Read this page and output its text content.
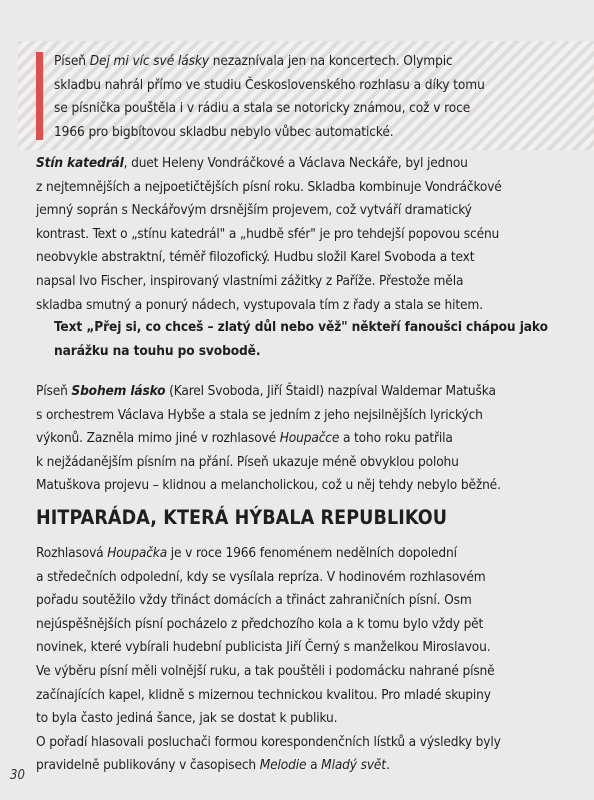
Píseň Dej mi víc své lásky nezaznívala jen na koncertech. Olympic
skladbu nahrál přímo ve studiu Československého rozhlasu a díky tomu
se písnička pouštěla i v rádiu a stala se notoricky známou, což v roce
1966 pro bigbítovou skladbu nebylo vůbec automatické.
Stín katedrál, duet Heleny Vondráčkové a Václava Neckáře, byl jednou
z nejtemnějších a nejpoetičtějších písní roku. Skladba kombinuje Vondráčkové
jemný soprán s Neckářovým drsnějším projevem, což vytváří dramatický
kontrast. Text o „stínu katedrál" a „hudbě sfér" je pro tehdejší popovou scénu
neobvykle abstraktní, téměř filozofický. Hudbu složil Karel Svoboda a text
napsal Ivo Fischer, inspirovaný vlastními zážitky z Paříže. Přestože měla
skladba smutný a ponurý nádech, vystupovala tím z řady a stala se hitem.
Text „Přej si, co chceš – zlatý důl nebo věž" někteří fanoušci chápou jako
narážku na touhu po svobodě.
Píseň Sbohem lásko (Karel Svoboda, Jiří Štaidl) nazpíval Waldemar Matuška
s orchestrem Václava Hybše a stala se jedním z jeho nejsilnějších lyrických
výkonů. Zazněla mimo jiné v rozhlasové Houpačce a toho roku patřila
k nejžádanějším písním na přání. Píseň ukazuje méně obvyklou polohu
Matuškova projevu – klidnou a melancholickou, což u něj tehdy nebylo běžné.
HITPARÁDA, KTERÁ HÝBALA REPUBLIKOU
Rozhlasová Houpačka je v roce 1966 fenoménem nedělních dopolední
a středečních odpolední, kdy se vysílala repríza. V hodinovém rozhlasovém
pořadu soutěžilo vždy třináct domácích a třináct zahraničních písní. Osm
nejúspěšnějších písní pocházelo z předchozího kola a k tomu bylo vždy pět
novinek, které vybírali hudební publicista Jiří Černý s manželkou Miroslavou.
Ve výběru písní měli volnější ruku, a tak pouštěli i podomácku nahrané písně
začínajících kapel, klidně s mizernou technickou kvalitou. Pro mladé skupiny
to byla často jediná šance, jak se dostat k publiku.
O pořadí hlasovali posluchači formou korespondenčních lístků a výsledky byly
pravidelně publikovány v časopisech Melodie a Mladý svět.
30
